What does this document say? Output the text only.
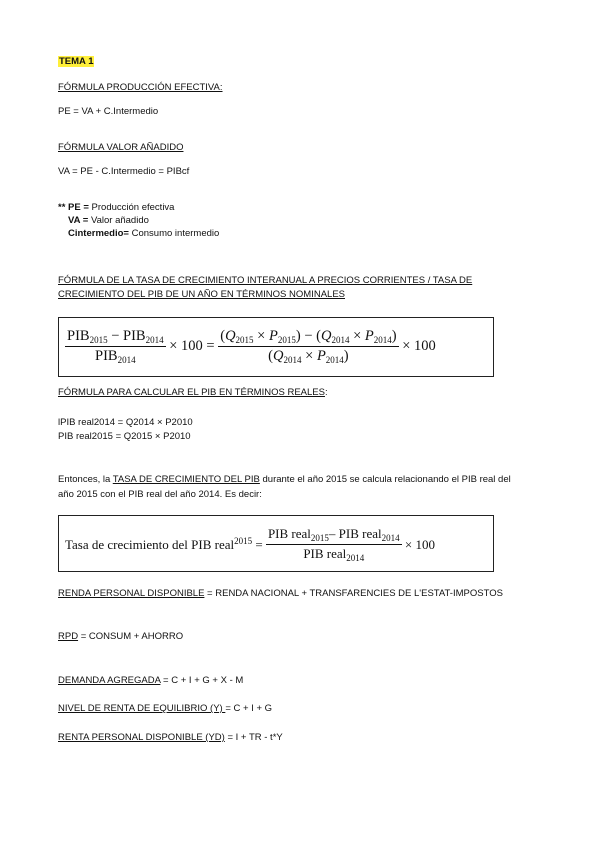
TEMA 1
FÓRMULA PRODUCCIÓN EFECTIVA:
PE = VA + C.Intermedio
FÓRMULA VALOR AÑADIDO
VA = PE - C.Intermedio = PIBcf
** PE = Producción efectiva
VA = Valor añadido
Cintermedio= Consumo intermedio
FÓRMULA DE LA TASA DE CRECIMIENTO INTERANUAL A PRECIOS CORRIENTES / TASA DE
CRECIMIENTO DEL PIB DE UN AÑO EN TÉRMINOS NOMINALES
$\frac{PIB_{2015} - PIB_{2014}}{PIB_{2014}} \times 100 = \frac{(Q_{2015} \times P_{2015}) - (Q_{2014} \times P_{2014})}{(Q_{2014} \times P_{2014})} \times 100$
FÓRMULA PARA CALCULAR EL PIB EN TÉRMINOS REALES:
lPIB real2014 = Q2014 × P2010
PIB real2015 = Q2015 × P2010
Entonces, la TASA DE CRECIMIENTO DEL PIB durante el año 2015 se calcula relacionando el PIB real del
año 2015 con el PIB real del año 2014. Es decir:
Tasa de crecimiento del PIB real$^{2015}$ = $\frac{PIB real_{2015}- PIB real_{2014}}{PIB real_{2014}} \times 100$
RENDA PERSONAL DISPONIBLE = RENDA NACIONAL + TRANSFARENCIES DE L'ESTAT-IMPOSTOS
RPD = CONSUM + AHORRO
DEMANDA AGREGADA = C + I + G + X - M
NIVEL DE RENTA DE EQUILIBRIO (Y) = C + I + G
RENTA PERSONAL DISPONIBLE (YD) = I + TR - t*Y
